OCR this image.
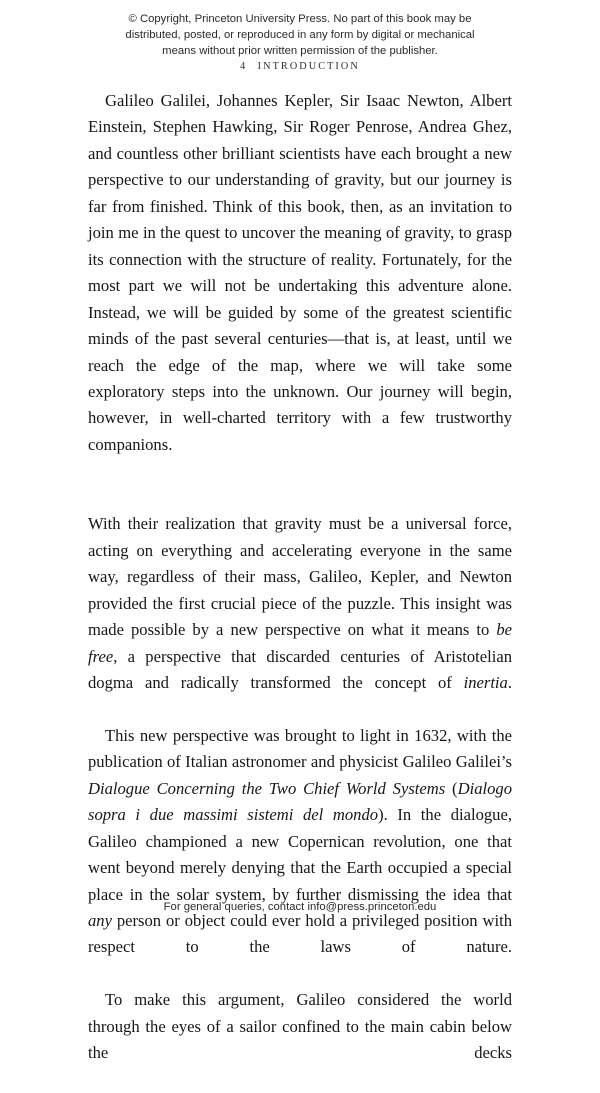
© Copyright, Princeton University Press. No part of this book may be
distributed, posted, or reproduced in any form by digital or mechanical
means without prior written permission of the publisher.
4 INTRODUCTION

Galileo Galilei, Johannes Kepler, Sir Isaac Newton, Albert Einstein, Stephen Hawking, Sir Roger Penrose, Andrea Ghez, and countless other brilliant scientists have each brought a new perspective to our understanding of gravity, but our journey is far from finished. Think of this book, then, as an invitation to join me in the quest to uncover the meaning of gravity, to grasp its connection with the structure of reality. Fortunately, for the most part we will not be undertaking this adventure alone. Instead, we will be guided by some of the greatest scientific minds of the past several centuries—that is, at least, until we reach the edge of the map, where we will take some exploratory steps into the unknown. Our journey will begin, however, in well-charted territory with a few trustworthy companions.

With their realization that gravity must be a universal force, acting on everything and accelerating everyone in the same way, regardless of their mass, Galileo, Kepler, and Newton provided the first crucial piece of the puzzle. This insight was made possible by a new perspective on what it means to be free, a perspective that discarded centuries of Aristotelian dogma and radically transformed the concept of inertia.

This new perspective was brought to light in 1632, with the publication of Italian astronomer and physicist Galileo Galilei’s Dialogue Concerning the Two Chief World Systems (Dialogo sopra i due massimi sistemi del mondo). In the dialogue, Galileo championed a new Copernican revolution, one that went beyond merely denying that the Earth occupied a special place in the solar system, by further dismissing the idea that any person or object could ever hold a privileged position with respect to the laws of nature.

To make this argument, Galileo considered the world through the eyes of a sailor confined to the main cabin below the decks

For general queries, contact info@press.princeton.edu
